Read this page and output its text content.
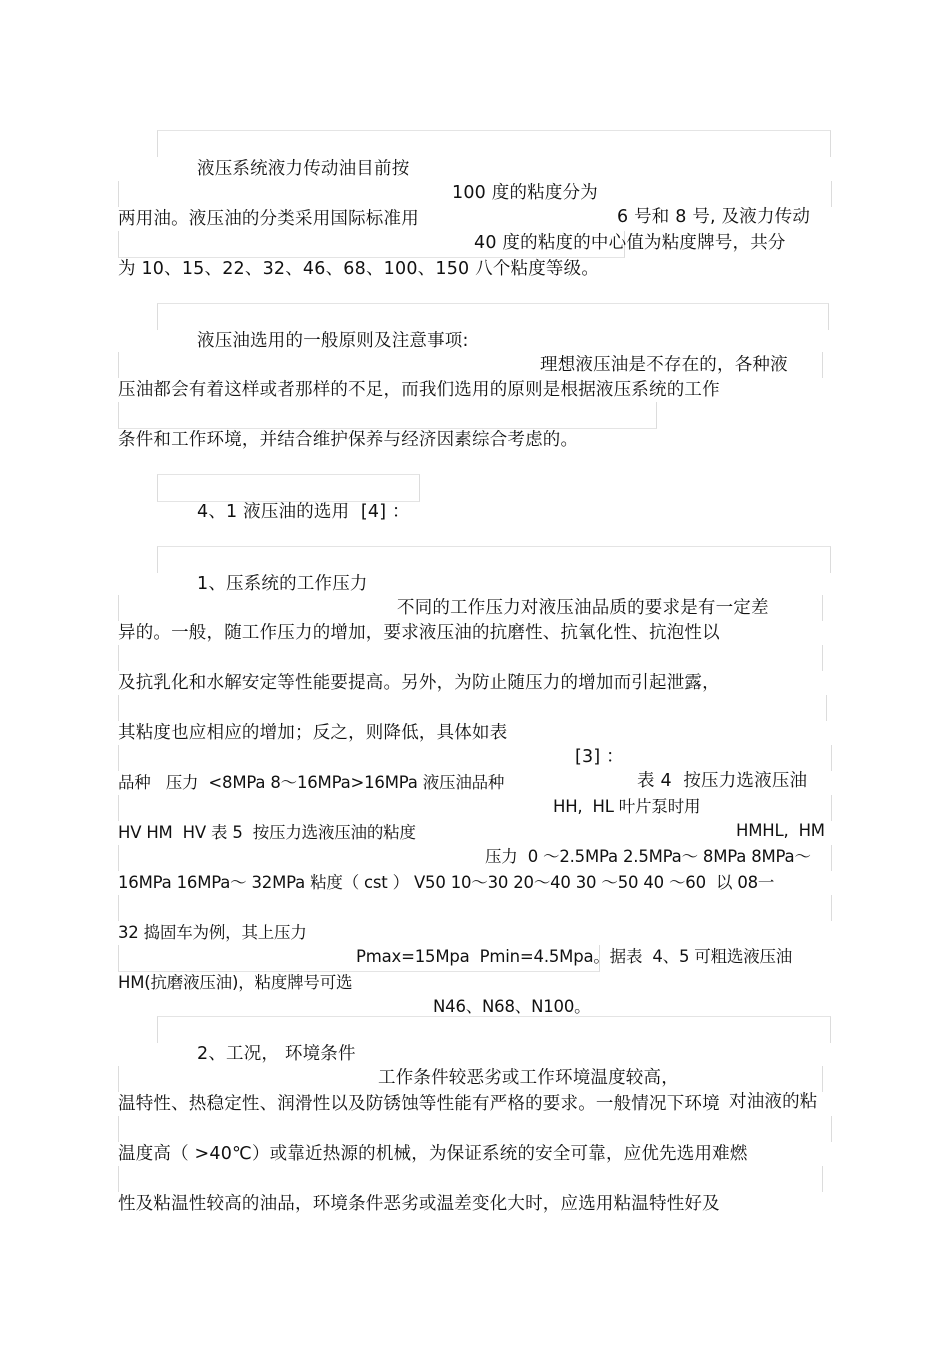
液压系统液力传动油目前按

100 度的粘度分为

6 号和 8 号, 及液力传动

两用油。液压油的分类采用国际标准用

40 度的粘度的中心值为粘度牌号，共分

为 10、15、22、32、46、68、100、150 八个粘度等级。

液压油选用的一般原则及注意事项:

理想液压油是不存在的，各种液

压油都会有着这样或者那样的不足，而我们选用的原则是根据液压系统的工作

条件和工作环境，并结合维护保养与经济因素综合考虑的。

4、1 液压油的选用  [4] ：

1、压系统的工作压力

不同的工作压力对液压油品质的要求是有一定差

异的。一般，随工作压力的增加，要求液压油的抗磨性、抗氧化性、抗泡性以

及抗乳化和水解安定等性能要提高。另外，为防止随压力的增加而引起泄露，

其粘度也应相应的增加；反之，则降低，具体如表

[3] ：

表 4  按压力选液压油

品种   压力  <8MPa 8～16MPa>16MPa 液压油品种

HH,  HL 叶片泵时用

HMHL,  HM

HV HM  HV 表 5  按压力选液压油的粘度

压力  0 ～2.5MPa 2.5MPa～ 8MPa 8MPa～

16MPa 16MPa～ 32MPa 粘度（ cst ） V50 10～30 20～40 30 ～50 40 ～60  以 08一

32 捣固车为例，其上压力

Pmax=15Mpa  Pmin=4.5Mpa。据表  4、5 可粗选液压油

HM(抗磨液压油)，粘度牌号可选

N46、N68、N100。

2、工况， 环境条件

工作条件较恶劣或工作环境温度较高，

对油液的粘

温特性、热稳定性、润滑性以及防锈蚀等性能有严格的要求。一般情况下环境

温度高（ >40℃）或靠近热源的机械，为保证系统的安全可靠，应优先选用难燃

性及粘温性较高的油品，环境条件恶劣或温差变化大时，应选用粘温特性好及
